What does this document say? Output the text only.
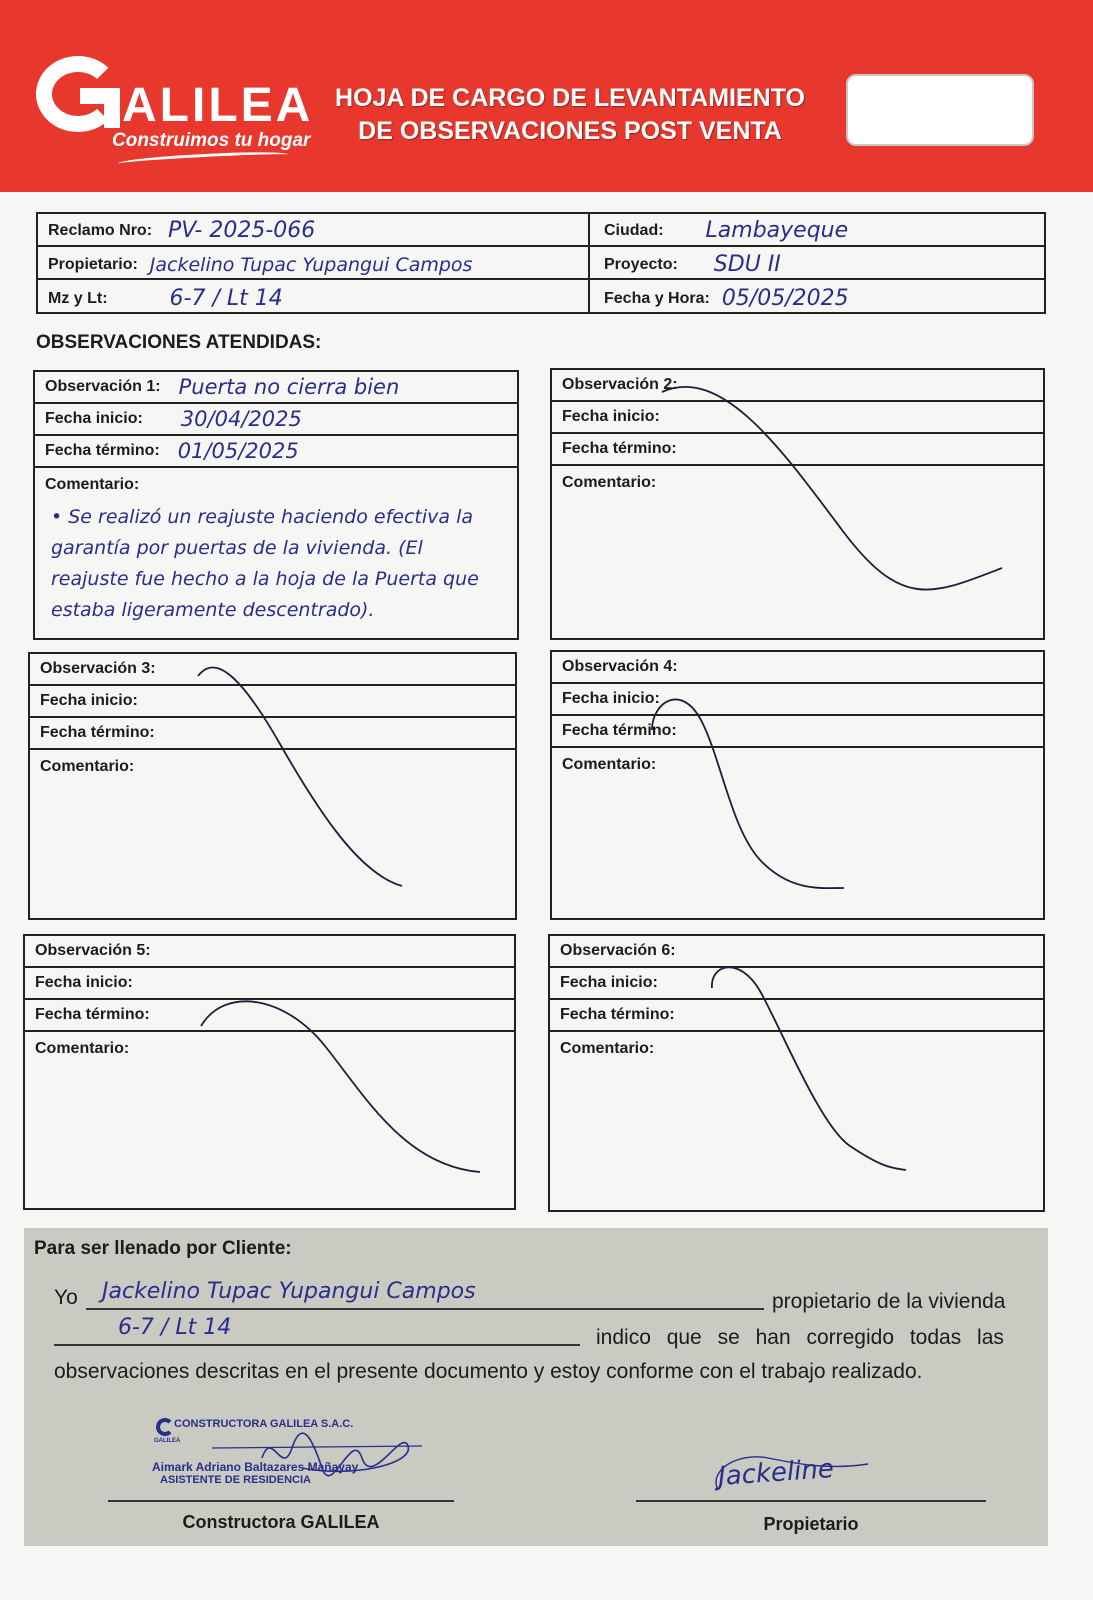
ALILEA
Construimos tu hogar
HOJA DE CARGO DE LEVANTAMIENTO
DE OBSERVACIONES POST VENTA
Reclamo Nro: PV- 2025-066
Propietario: Jackelino Tupac Yupangui Campos
Mz y Lt:	6-7 / Lt 14
Ciudad: Lambayeque
Proyecto: SDU II
Fecha y Hora: 05/05/2025
OBSERVACIONES ATENDIDAS:
Observación 1: Puerta no cierra bien
Fecha inicio: 30/04/2025
Fecha término: 01/05/2025
Comentario:
• Se realizó un reajuste haciendo efectiva la garantía por puertas de la vivienda. (El reajuste fue hecho a la hoja de la Puerta que estaba ligeramente descentrado).
Observación 2:
Fecha inicio:
Fecha término:
Comentario:
Observación 3:
Fecha inicio:
Fecha término:
Comentario:
Observación 4:
Fecha inicio:
Fecha término:
Comentario:
Observación 5:
Fecha inicio:
Fecha término:
Comentario:
Observación 6:
Fecha inicio:
Fecha término:
Comentario:
Para ser llenado por Cliente:
Yo Jackelino Tupac Yupangui Campos	propietario de la vivienda
6-7 / Lt 14	indico que se han corregido todas las
observaciones descritas en el presente documento y estoy conforme con el trabajo realizado.
GALILEA
CONSTRUCTORA GALILEA S.A.C.
Aimark Adriano Baltazares Mañayay
ASISTENTE DE RESIDENCIA
Constructora GALILEA
Jackeline
Propietario
